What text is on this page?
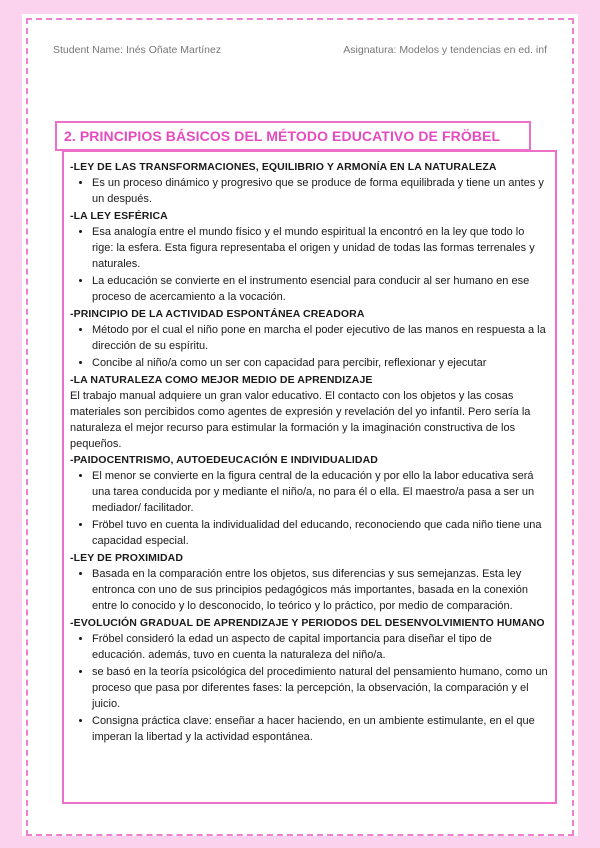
Student Name: Inés Oñate Martínez	Asignatura: Modelos y tendencias en ed. inf
2. PRINCIPIOS BÁSICOS DEL MÉTODO EDUCATIVO DE FRÖBEL

-LEY DE LAS TRANSFORMACIONES, EQUILIBRIO Y ARMONÍA EN LA NATURALEZA

• Es un proceso dinámico y progresivo que se produce de forma equilibrada y tiene un antes y un después.

-LA LEY ESFÉRICA

• Esa analogía entre el mundo físico y el mundo espiritual la encontró en la ley que todo lo rige: la esfera. Esta figura representaba el origen y unidad de todas las formas terrenales y naturales.
• La educación se convierte en el instrumento esencial para conducir al ser humano en ese proceso de acercamiento a la vocación.

-PRINCIPIO DE LA ACTIVIDAD ESPONTÁNEA CREADORA

• Método por el cual el niño pone en marcha el poder ejecutivo de las manos en respuesta a la dirección de su espíritu.
• Concibe al niño/a como un ser con capacidad para percibir, reflexionar y ejecutar

-LA NATURALEZA COMO MEJOR MEDIO DE APRENDIZAJE

El trabajo manual adquiere un gran valor educativo. El contacto con los objetos y las cosas materiales son percibidos como agentes de expresión y revelación del yo infantil. Pero sería la naturaleza el mejor recurso para estimular la formación y la imaginación constructiva de los pequeños.

-PAIDOCENTRISMO, AUTOEDEUCACIÓN E INDIVIDUALIDAD

• El menor se convierte en la figura central de la educación y por ello la labor educativa será una tarea conducida por y mediante el niño/a, no para él o ella. El maestro/a pasa a ser un mediador/ facilitador.
• Fröbel tuvo en cuenta la individualidad del educando, reconociendo que cada niño tiene una capacidad especial.

-LEY DE PROXIMIDAD

• Basada en la comparación entre los objetos, sus diferencias y sus semejanzas. Esta ley entronca con uno de sus principios pedagógicos más importantes, basada en la conexión entre lo conocido y lo desconocido, lo teórico y lo práctico, por medio de comparación.

-EVOLUCIÓN GRADUAL DE APRENDIZAJE Y PERIODOS DEL DESENVOLVIMIENTO HUMANO

• Fröbel consideró la edad un aspecto de capital importancia para diseñar el tipo de educación. además, tuvo en cuenta la naturaleza del niño/a.
• se basó en la teoría psicológica del procedimiento natural del pensamiento humano, como un proceso que pasa por diferentes fases: la percepción, la observación, la comparación y el juicio.
• Consigna práctica clave: enseñar a hacer haciendo, en un ambiente estimulante, en el que imperan la libertad y la actividad espontánea.
